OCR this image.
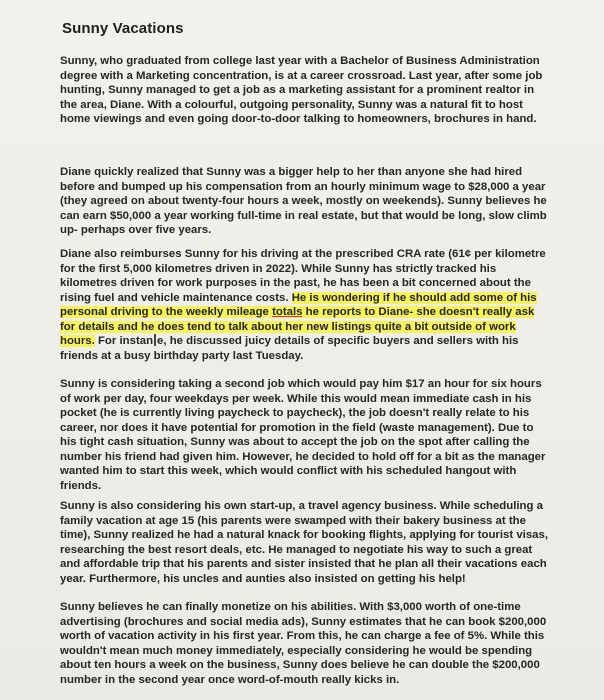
Sunny Vacations
Sunny, who graduated from college last year with a Bachelor of Business Administration degree with a Marketing concentration, is at a career crossroad. Last year, after some job hunting, Sunny managed to get a job as a marketing assistant for a prominent realtor in the area, Diane. With a colourful, outgoing personality, Sunny was a natural fit to host home viewings and even going door-to-door talking to homeowners, brochures in hand.
Diane quickly realized that Sunny was a bigger help to her than anyone she had hired before and bumped up his compensation from an hourly minimum wage to $28,000 a year (they agreed on about twenty-four hours a week, mostly on weekends). Sunny believes he can earn $50,000 a year working full-time in real estate, but that would be long, slow climb up- perhaps over five years.
Diane also reimburses Sunny for his driving at the prescribed CRA rate (61¢ per kilometre for the first 5,000 kilometres driven in 2022). While Sunny has strictly tracked his kilometres driven for work purposes in the past, he has been a bit concerned about the rising fuel and vehicle maintenance costs. He is wondering if he should add some of his personal driving to the weekly mileage totals he reports to Diane- she doesn't really ask for details and he does tend to talk about her new listings quite a bit outside of work hours. For instan e, he discussed juicy details of specific buyers and sellers with his friends at a busy birthday party last Tuesday.
Sunny is considering taking a second job which would pay him $17 an hour for six hours of work per day, four weekdays per week. While this would mean immediate cash in his pocket (he is currently living paycheck to paycheck), the job doesn't really relate to his career, nor does it have potential for promotion in the field (waste management). Due to his tight cash situation, Sunny was about to accept the job on the spot after calling the number his friend had given him. However, he decided to hold off for a bit as the manager wanted him to start this week, which would conflict with his scheduled hangout with friends.
Sunny is also considering his own start-up, a travel agency business. While scheduling a family vacation at age 15 (his parents were swamped with their bakery business at the time), Sunny realized he had a natural knack for booking flights, applying for tourist visas, researching the best resort deals, etc. He managed to negotiate his way to such a great and affordable trip that his parents and sister insisted that he plan all their vacations each year. Furthermore, his uncles and aunties also insisted on getting his help!
Sunny believes he can finally monetize on his abilities. With $3,000 worth of one-time advertising (brochures and social media ads), Sunny estimates that he can book $200,000 worth of vacation activity in his first year. From this, he can charge a fee of 5%. While this wouldn't mean much money immediately, especially considering he would be spending about ten hours a week on the business, Sunny does believe he can double the $200,000 number in the second year once word-of-mouth really kicks in.
